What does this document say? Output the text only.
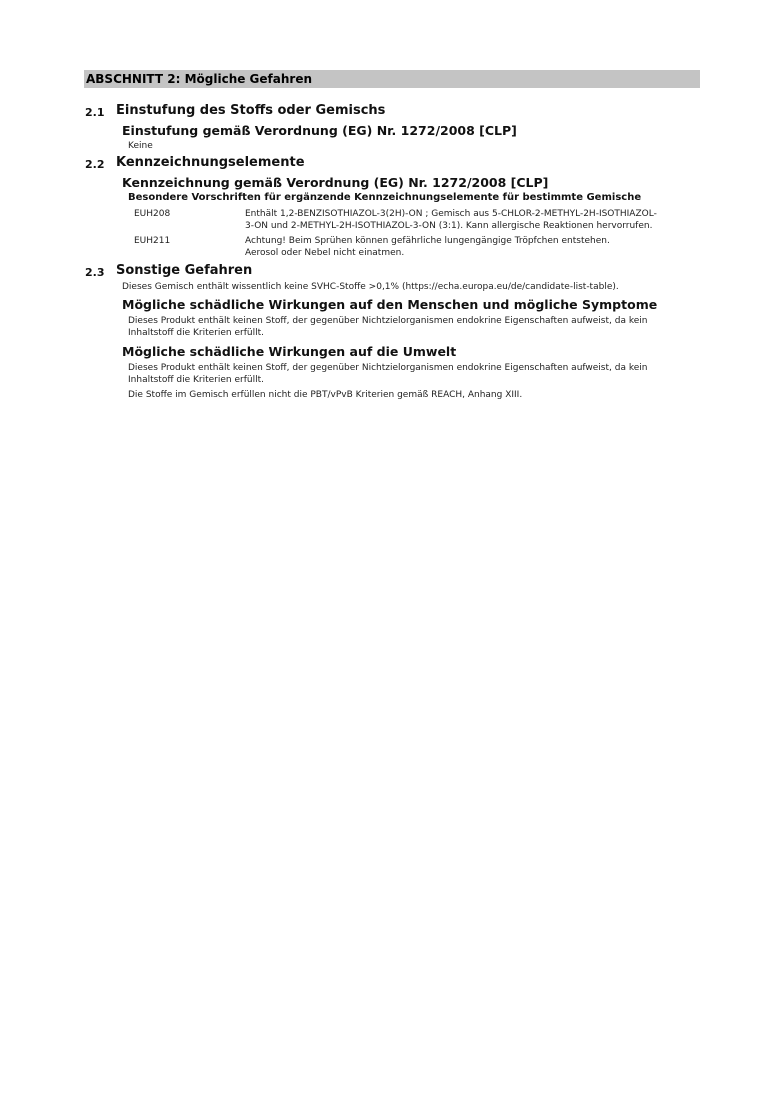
ABSCHNITT 2: Mögliche Gefahren
2.1 Einstufung des Stoffs oder Gemischs
Einstufung gemäß Verordnung (EG) Nr. 1272/2008 [CLP]
Keine
2.2 Kennzeichnungselemente
Kennzeichnung gemäß Verordnung (EG) Nr. 1272/2008 [CLP]
Besondere Vorschriften für ergänzende Kennzeichnungselemente für bestimmte Gemische
EUH208	Enthält 1,2-BENZISOTHIAZOL-3(2H)-ON ; Gemisch aus 5-CHLOR-2-METHYL-2H-ISOTHIAZOL-
3-ON und 2-METHYL-2H-ISOTHIAZOL-3-ON (3:1). Kann allergische Reaktionen hervorrufen.
EUH211	Achtung! Beim Sprühen können gefährliche lungengängige Tröpfchen entstehen.
Aerosol oder Nebel nicht einatmen.
2.3 Sonstige Gefahren
Dieses Gemisch enthält wissentlich keine SVHC-Stoffe >0,1% (https://echa.europa.eu/de/candidate-list-table).
Mögliche schädliche Wirkungen auf den Menschen und mögliche Symptome
Dieses Produkt enthält keinen Stoff, der gegenüber Nichtzielorganismen endokrine Eigenschaften aufweist, da kein
Inhaltstoff die Kriterien erfüllt.
Mögliche schädliche Wirkungen auf die Umwelt
Dieses Produkt enthält keinen Stoff, der gegenüber Nichtzielorganismen endokrine Eigenschaften aufweist, da kein
Inhaltstoff die Kriterien erfüllt.
Die Stoffe im Gemisch erfüllen nicht die PBT/vPvB Kriterien gemäß REACH, Anhang XIII.
